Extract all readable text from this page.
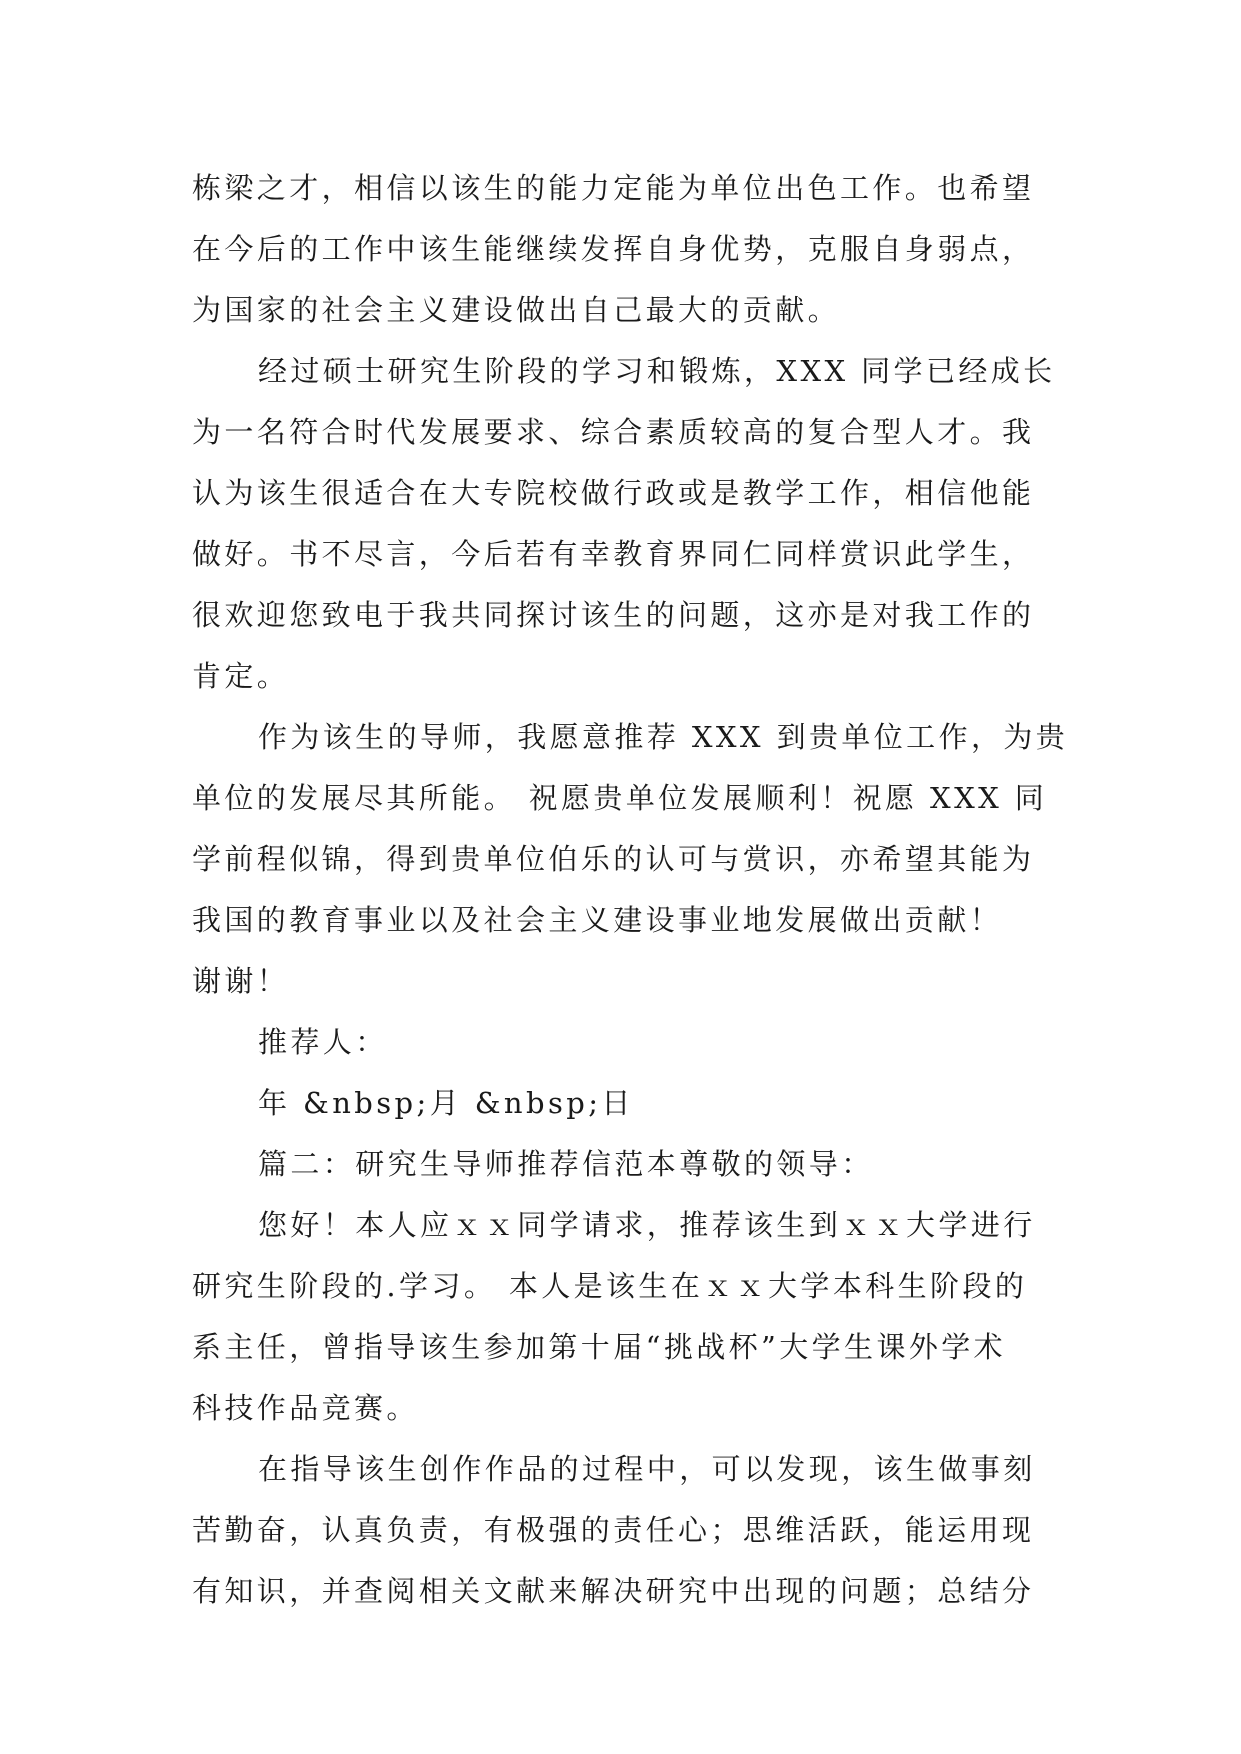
栋梁之才，相信以该生的能力定能为单位出色工作。也希望
在今后的工作中该生能继续发挥自身优势，克服自身弱点，
为国家的社会主义建设做出自己最大的贡献。
经过硕士研究生阶段的学习和锻炼，XXX 同学已经成长
为一名符合时代发展要求、综合素质较高的复合型人才。我
认为该生很适合在大专院校做行政或是教学工作，相信他能
做好。书不尽言，今后若有幸教育界同仁同样赏识此学生，
很欢迎您致电于我共同探讨该生的问题，这亦是对我工作的
肯定。
作为该生的导师，我愿意推荐 XXX 到贵单位工作，为贵
单位的发展尽其所能。 祝愿贵单位发展顺利！祝愿 XXX 同
学前程似锦，得到贵单位伯乐的认可与赏识，亦希望其能为
我国的教育事业以及社会主义建设事业地发展做出贡献！
谢谢！
推荐人：
年 &nbsp;月 &nbsp;日
篇二：研究生导师推荐信范本尊敬的领导：
您好！本人应ｘｘ同学请求，推荐该生到ｘｘ大学进行
研究生阶段的.学习。 本人是该生在ｘｘ大学本科生阶段的
系主任，曾指导该生参加第十届“挑战杯”大学生课外学术
科技作品竞赛。
在指导该生创作作品的过程中，可以发现，该生做事刻
苦勤奋，认真负责，有极强的责任心；思维活跃，能运用现
有知识，并查阅相关文献来解决研究中出现的问题；总结分
